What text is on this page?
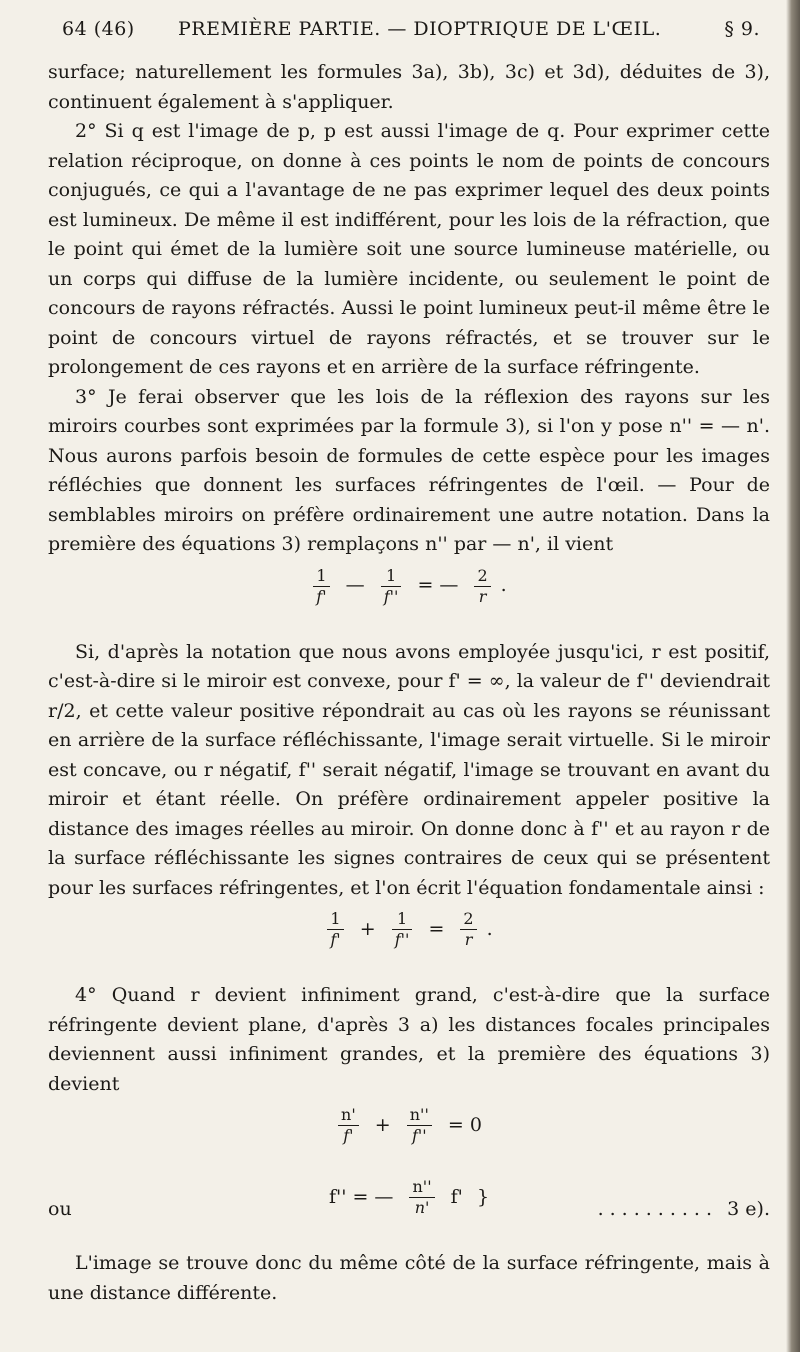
64 (46) PREMIÈRE PARTIE. — DIOPTRIQUE DE L'ŒIL.	§ 9.

surface; naturellement les formules 3a), 3b), 3c) et 3d), déduites de 3), continuent également à s'appliquer.

2° Si q est l'image de p, p est aussi l'image de q. Pour exprimer cette relation réciproque, on donne à ces points le nom de points de concours conjugués, ce qui a l'avantage de ne pas exprimer lequel des deux points est lumineux. De même il est indifférent, pour les lois de la réfraction, que le point qui émet de la lumière soit une source lumineuse matérielle, ou un corps qui diffuse de la lumière incidente, ou seulement le point de concours de rayons réfractés. Aussi le point lumineux peut-il même être le point de concours virtuel de rayons réfractés, et se trouver sur le prolongement de ces rayons et en arrière de la surface réfringente.

3° Je ferai observer que les lois de la réflexion des rayons sur les miroirs courbes sont exprimées par la formule 3), si l'on y pose n'' = — n'. Nous aurons parfois besoin de formules de cette espèce pour les images réfléchies que donnent les surfaces réfringentes de l'œil. — Pour de semblables miroirs on préfère ordinairement une autre notation. Dans la première des équations 3) remplaçons n'' par — n', il vient

$\frac{1}{f'}$ — $\frac{1}{f''}$ = — $\frac{2}{r}$ .

Si, d'après la notation que nous avons employée jusqu'ici, r est positif, c'est-à-dire si le miroir est convexe, pour f' = ∞, la valeur de f'' deviendrait r/2, et cette valeur positive répondrait au cas où les rayons se réunissant en arrière de la surface réfléchissante, l'image serait virtuelle. Si le miroir est concave, ou r négatif, f'' serait négatif, l'image se trouvant en avant du miroir et étant réelle. On préfère ordinairement appeler positive la distance des images réelles au miroir. On donne donc à f'' et au rayon r de la surface réfléchissante les signes contraires de ceux qui se présentent pour les surfaces réfringentes, et l'on écrit l'équation fondamentale ainsi :

$\frac{1}{f'} + \frac{1}{f''} = \frac{2}{r}$ .

4° Quand r devient infiniment grand, c'est-à-dire que la surface réfringente devient plane, d'après 3 a) les distances focales principales deviennent aussi infiniment grandes, et la première des équations 3) devient

$\frac{n'}{f'} + \frac{n''}{f''} = 0$
ou
f'' = — $\frac{n''}{n'} f'$ }
.......... 3 e).

L'image se trouve donc du même côté de la surface réfringente, mais à une distance différente.
